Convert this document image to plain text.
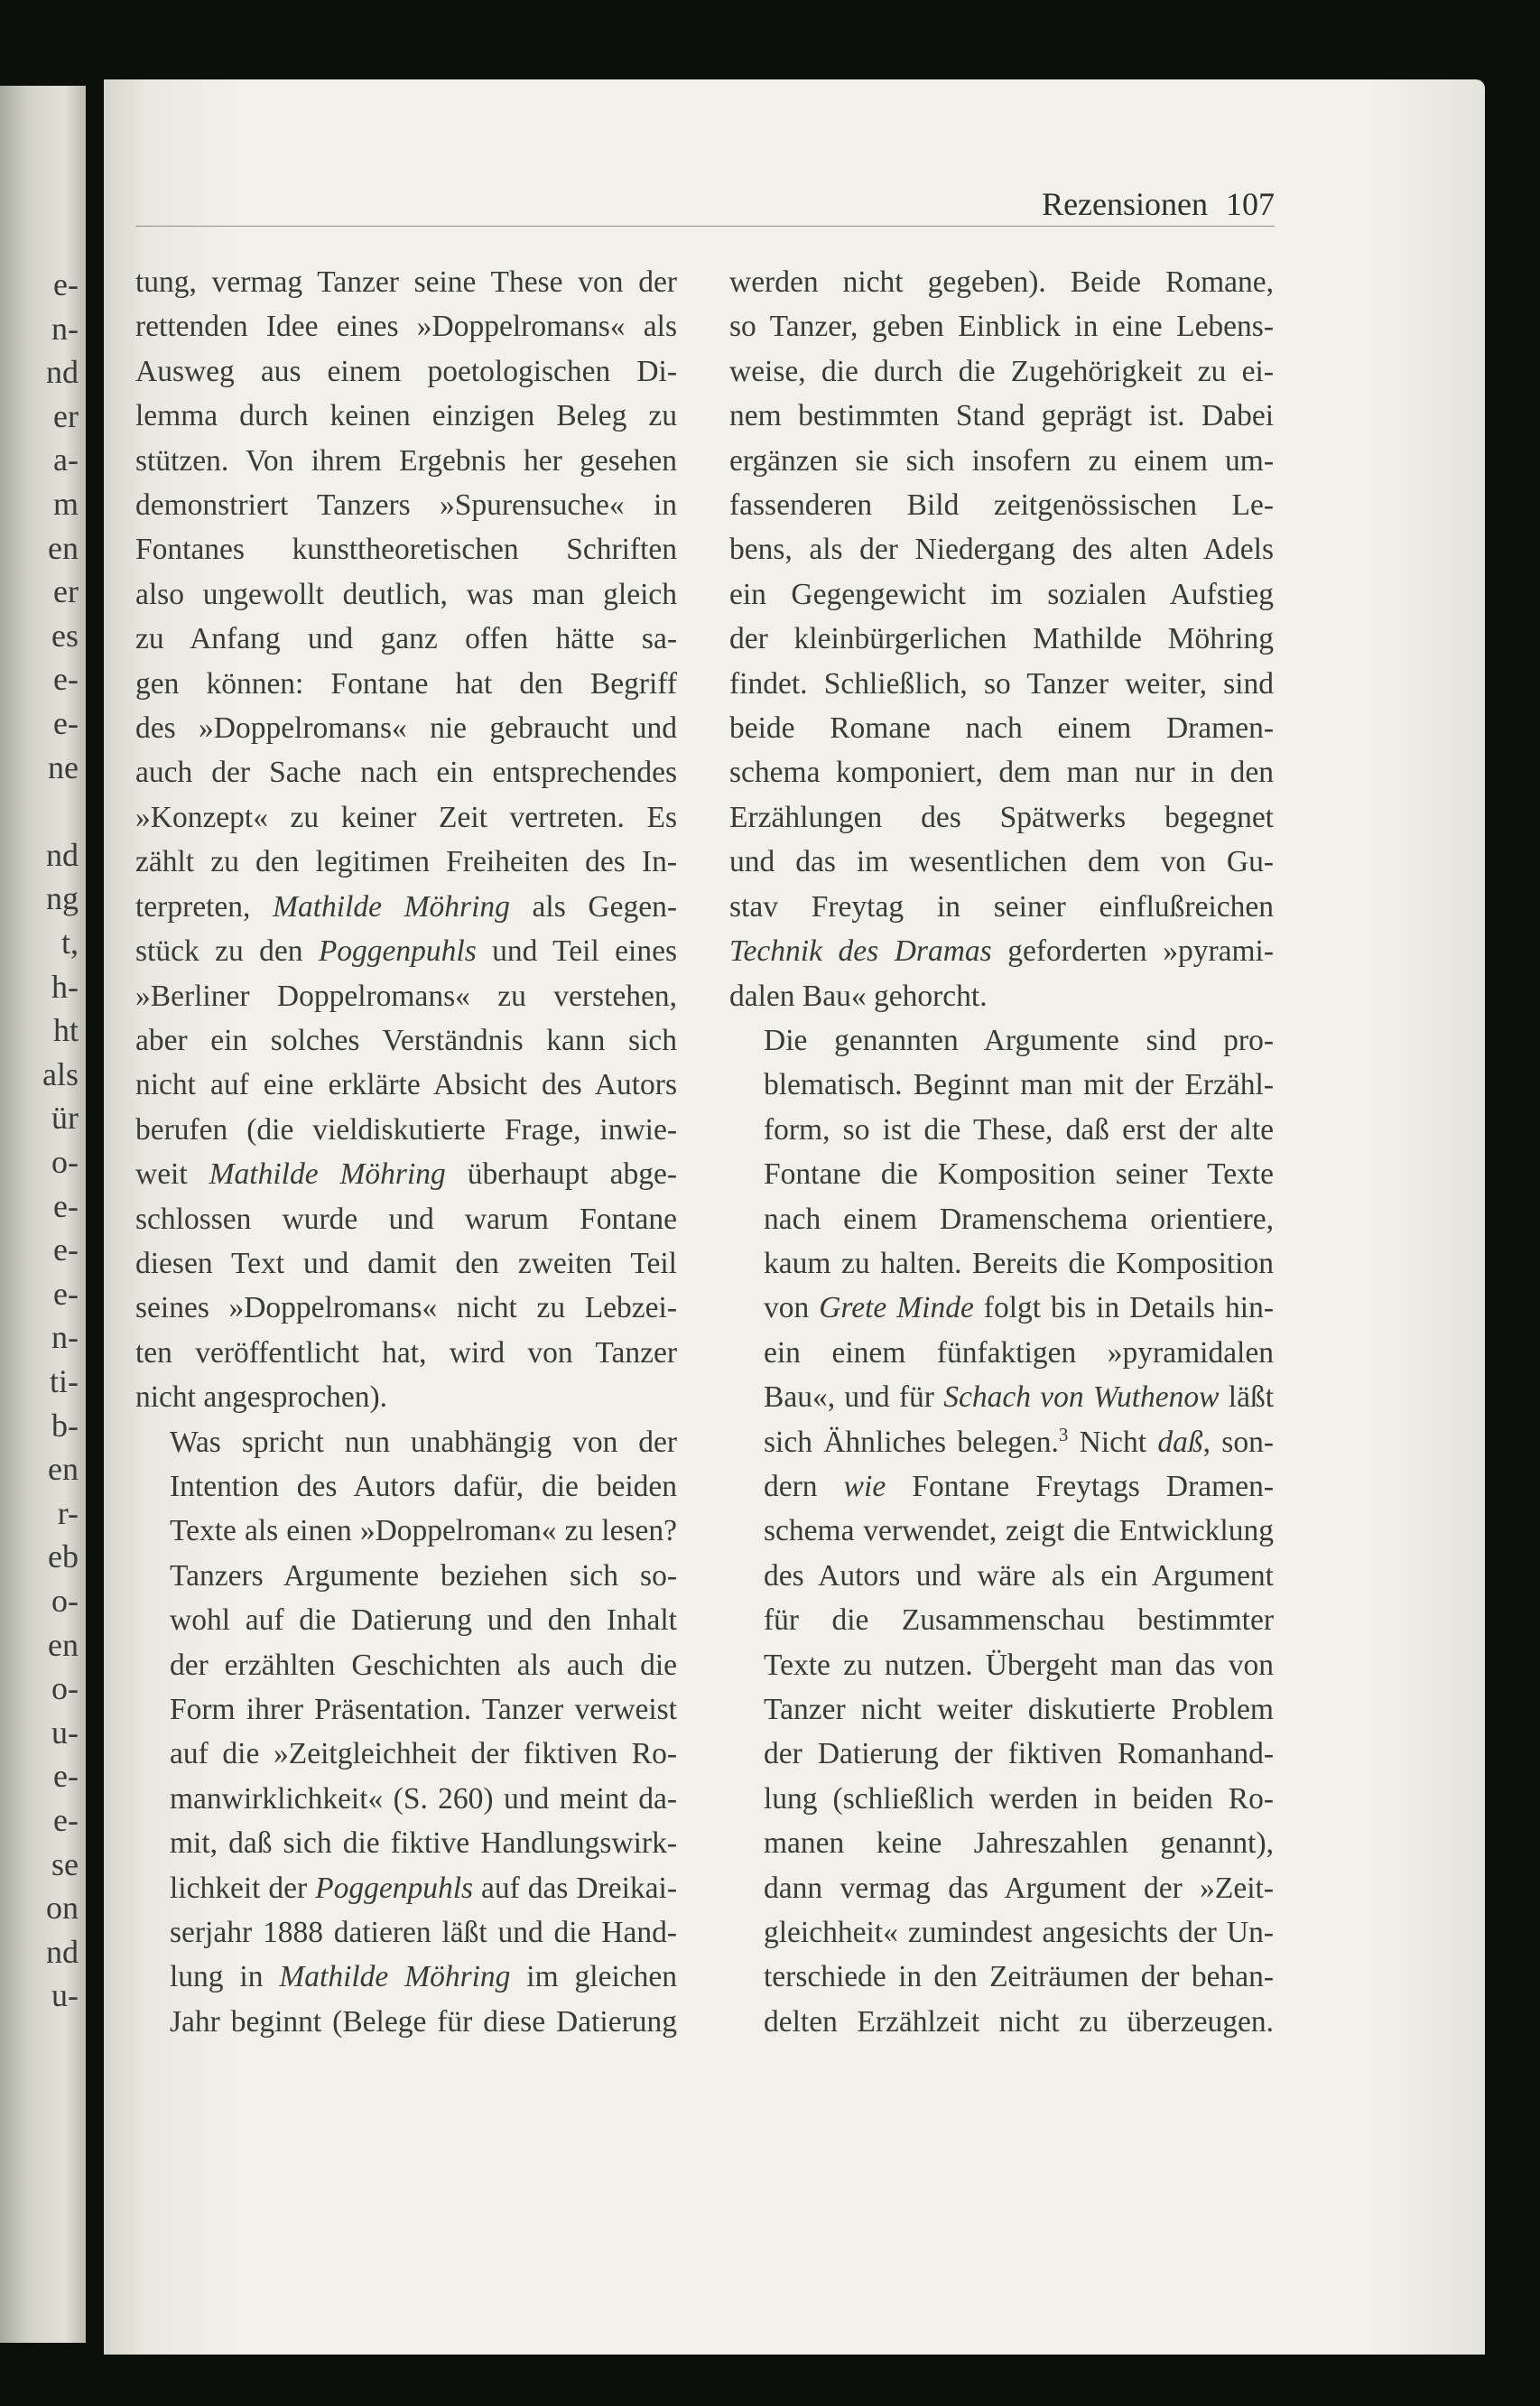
e-
n-
nd
er
a-
m
en
er
es
e-
e-
ne
nd
ng
t,
h-
ht
als
ür
o-
e-
e-
e-
n-
ti-
b-
en
r-
eb
o-
en
o-
u-
e-
e-
se
on
nd
u-
Rezensionen 107

tung, vermag Tanzer seine These von der
rettenden Idee eines »Doppelromans« als
Ausweg aus einem poetologischen Di-
lemma durch keinen einzigen Beleg zu
stützen. Von ihrem Ergebnis her gesehen
demonstriert Tanzers »Spurensuche« in
Fontanes kunsttheoretischen Schriften
also ungewollt deutlich, was man gleich
zu Anfang und ganz offen hätte sa-
gen können: Fontane hat den Begriff
des »Doppelromans« nie gebraucht und
auch der Sache nach ein entsprechendes
»Konzept« zu keiner Zeit vertreten. Es
zählt zu den legitimen Freiheiten des In-
terpreten, Mathilde Möhring als Gegen-
stück zu den Poggenpuhls und Teil eines
»Berliner Doppelromans« zu verstehen,
aber ein solches Verständnis kann sich
nicht auf eine erklärte Absicht des Autors
berufen (die vieldiskutierte Frage, inwie-
weit Mathilde Möhring überhaupt abge-
schlossen wurde und warum Fontane
diesen Text und damit den zweiten Teil
seines »Doppelromans« nicht zu Lebzei-
ten veröffentlicht hat, wird von Tanzer
nicht angesprochen).

Was spricht nun unabhängig von der
Intention des Autors dafür, die beiden
Texte als einen »Doppelroman« zu lesen?
Tanzers Argumente beziehen sich so-
wohl auf die Datierung und den Inhalt
der erzählten Geschichten als auch die
Form ihrer Präsentation. Tanzer verweist
auf die »Zeitgleichheit der fiktiven Ro-
manwirklichkeit« (S. 260) und meint da-
mit, daß sich die fiktive Handlungswirk-
lichkeit der Poggenpuhls auf das Dreikai-
serjahr 1888 datieren läßt und die Hand-
lung in Mathilde Möhring im gleichen
Jahr beginnt (Belege für diese Datierung

werden nicht gegeben). Beide Romane,
so Tanzer, geben Einblick in eine Lebens-
weise, die durch die Zugehörigkeit zu ei-
nem bestimmten Stand geprägt ist. Dabei
ergänzen sie sich insofern zu einem um-
fassenderen Bild zeitgenössischen Le-
bens, als der Niedergang des alten Adels
ein Gegengewicht im sozialen Aufstieg
der kleinbürgerlichen Mathilde Möhring
findet. Schließlich, so Tanzer weiter, sind
beide Romane nach einem Dramen-
schema komponiert, dem man nur in den
Erzählungen des Spätwerks begegnet
und das im wesentlichen dem von Gu-
stav Freytag in seiner einflußreichen
Technik des Dramas geforderten »pyrami-
dalen Bau« gehorcht.

Die genannten Argumente sind pro-
blematisch. Beginnt man mit der Erzähl-
form, so ist die These, daß erst der alte
Fontane die Komposition seiner Texte
nach einem Dramenschema orientiere,
kaum zu halten. Bereits die Komposition
von Grete Minde folgt bis in Details hin-
ein einem fünfaktigen »pyramidalen
Bau«, und für Schach von Wuthenow läßt
sich Ähnliches belegen.$^3$ Nicht daß, son-
dern wie Fontane Freytags Dramen-
schema verwendet, zeigt die Entwicklung
des Autors und wäre als ein Argument
für die Zusammenschau bestimmter
Texte zu nutzen. Übergeht man das von
Tanzer nicht weiter diskutierte Problem
der Datierung der fiktiven Romanhand-
lung (schließlich werden in beiden Ro-
manen keine Jahreszahlen genannt),
dann vermag das Argument der »Zeit-
gleichheit« zumindest angesichts der Un-
terschiede in den Zeiträumen der behan-
delten Erzählzeit nicht zu überzeugen.
